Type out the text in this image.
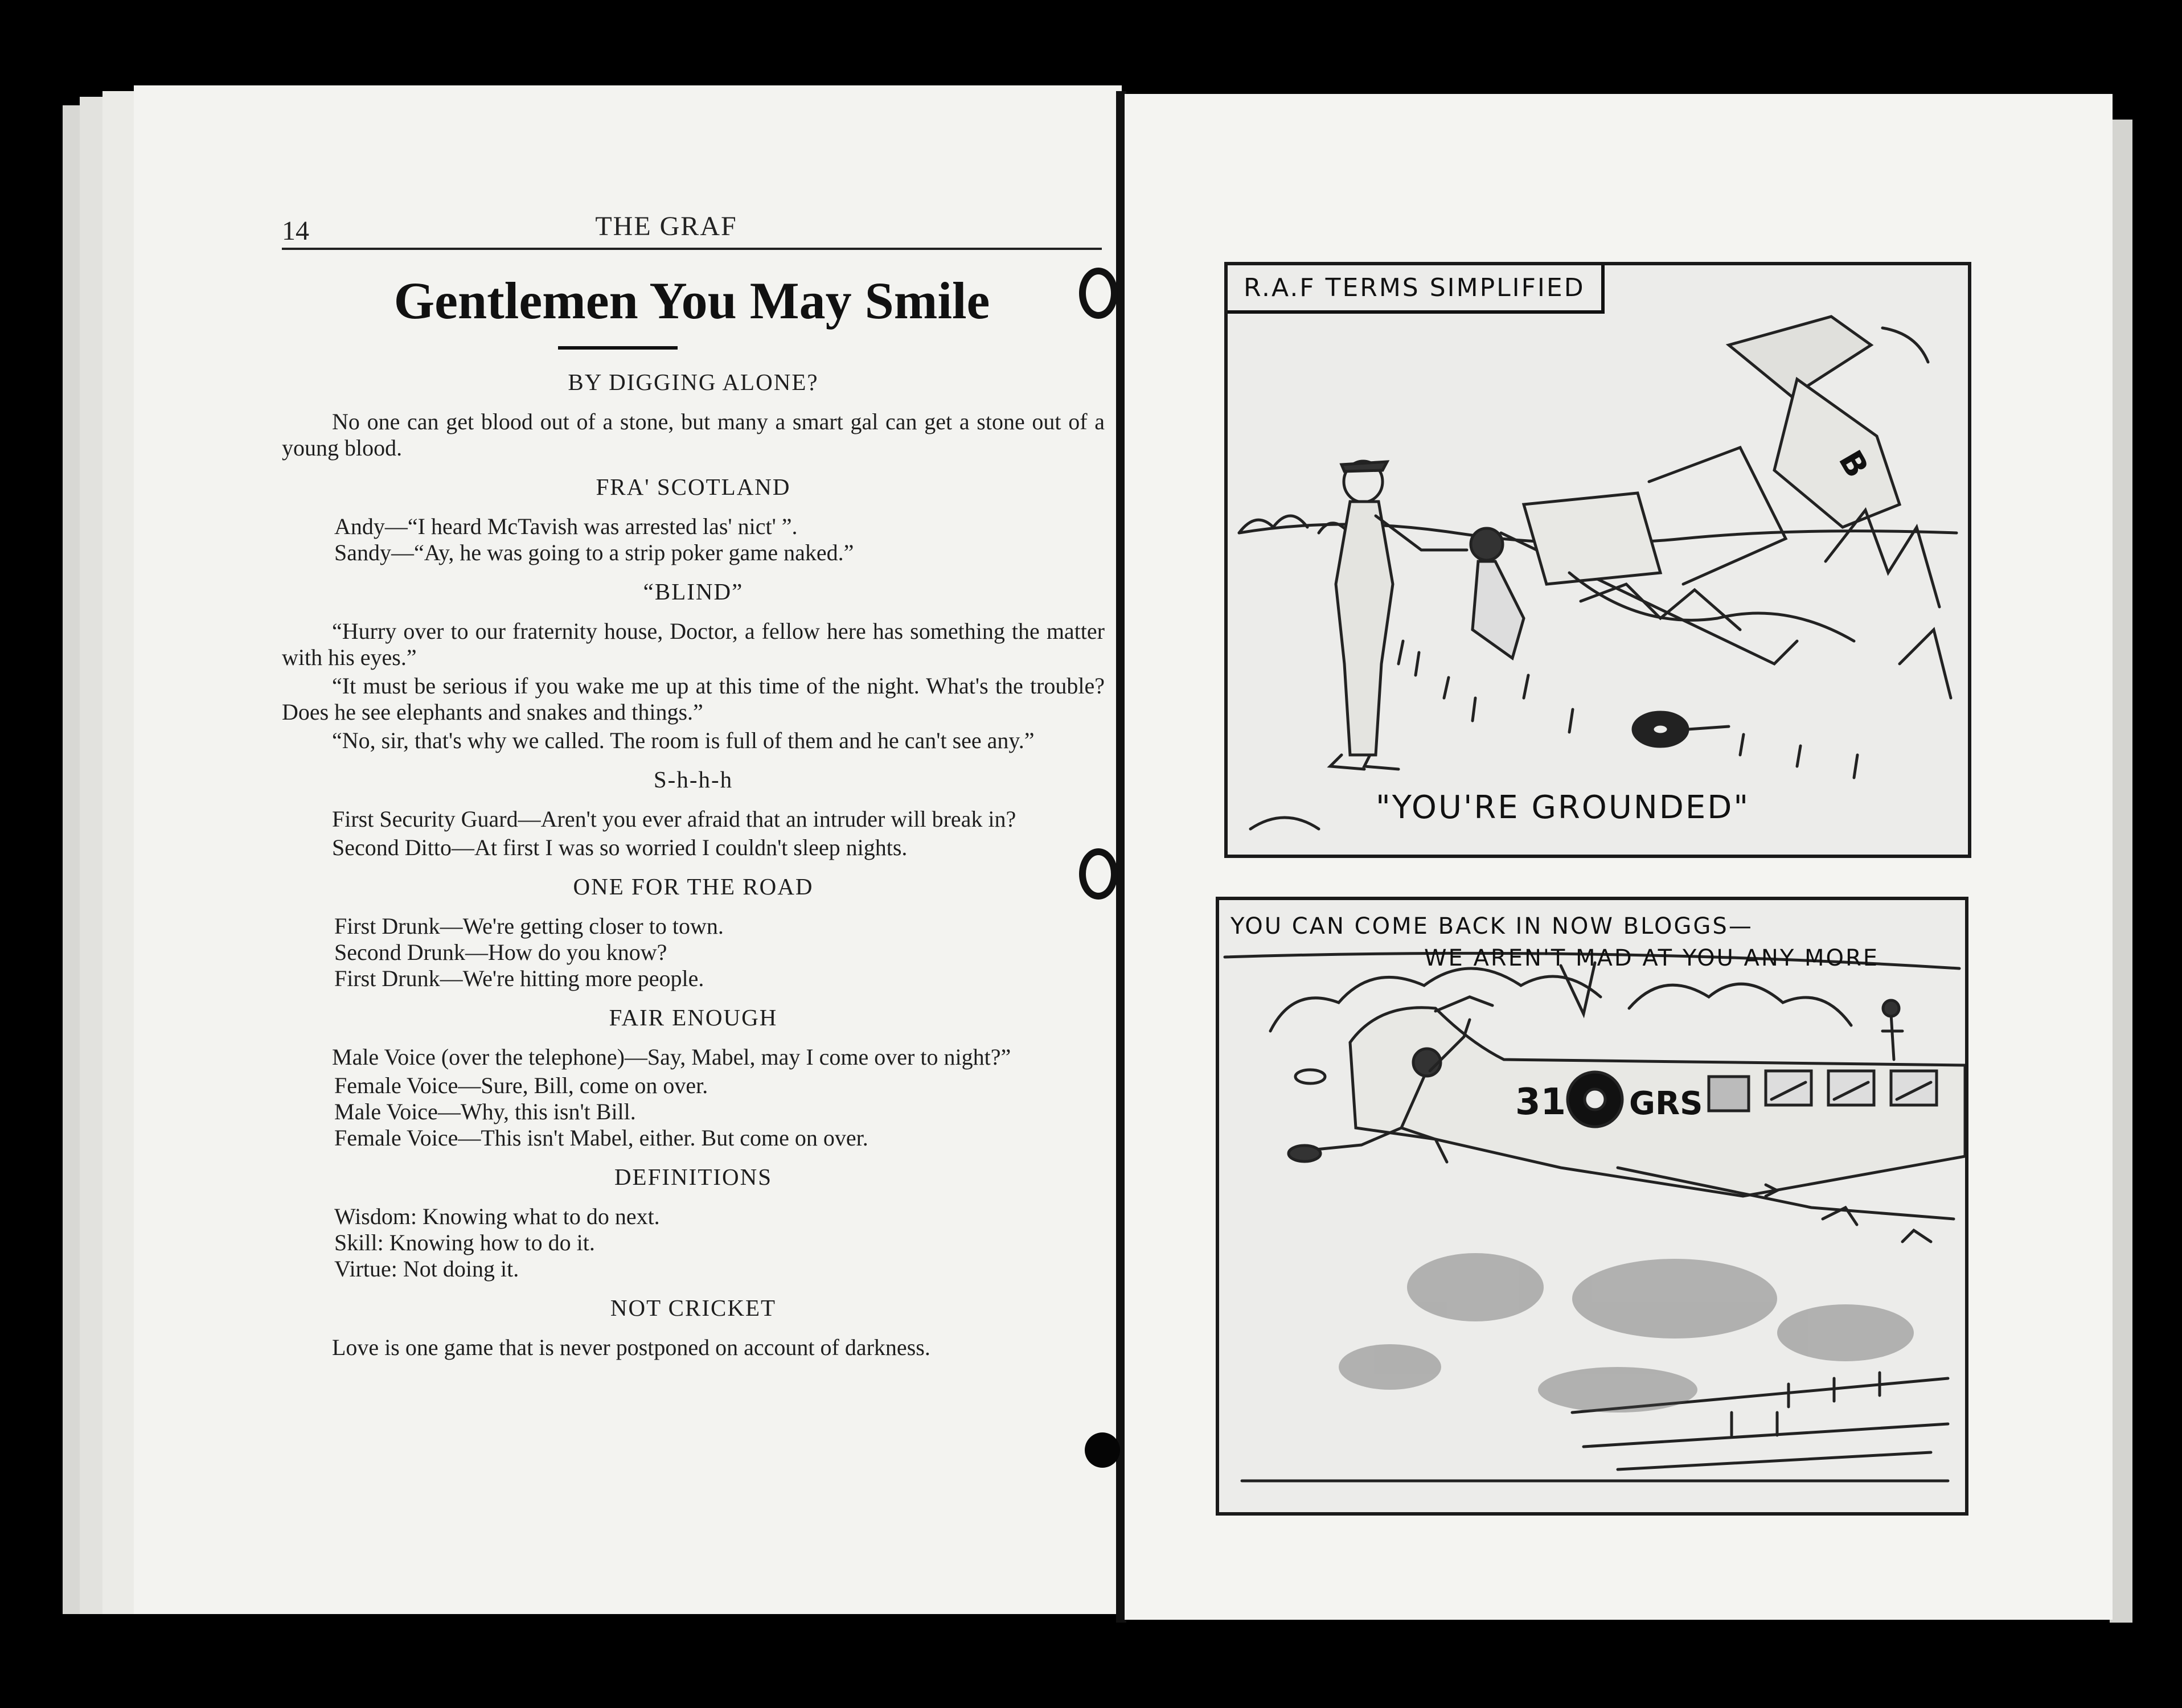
14	THE GRAF
Gentlemen You May Smile
BY DIGGING ALONE?

No one can get blood out of a stone, but many a smart gal can get a stone out of a young blood.

FRA' SCOTLAND

Andy—“I heard McTavish was arrested las' nict' ”.

Sandy—“Ay, he was going to a strip poker game naked.”

“BLIND”

“Hurry over to our fraternity house, Doctor, a fellow here has something the matter with his eyes.”

“It must be serious if you wake me up at this time of the night. What's the trouble? Does he see elephants and snakes and things.”

“No, sir, that's why we called. The room is full of them and he can't see any.”

S-h-h-h

First Security Guard—Aren't you ever afraid that an intruder will break in?

Second Ditto—At first I was so worried I couldn't sleep nights.

ONE FOR THE ROAD

First Drunk—We're getting closer to town.

Second Drunk—How do you know?

First Drunk—We're hitting more people.

FAIR ENOUGH

Male Voice (over the telephone)—Say, Mabel, may I come over to night?”

Female Voice—Sure, Bill, come on over.

Male Voice—Why, this isn't Bill.

Female Voice—This isn't Mabel, either. But come on over.

DEFINITIONS

Wisdom: Knowing what to do next.

Skill: Knowing how to do it.

Virtue: Not doing it.

NOT CRICKET

Love is one game that is never postponed on account of darkness.

B
R.A.F TERMS SIMPLIFIED
"YOU'RE GROUNDED"
31 GRS
YOU CAN COME BACK IN NOW BLOGGS—
WE AREN'T MAD AT YOU ANY MORE
